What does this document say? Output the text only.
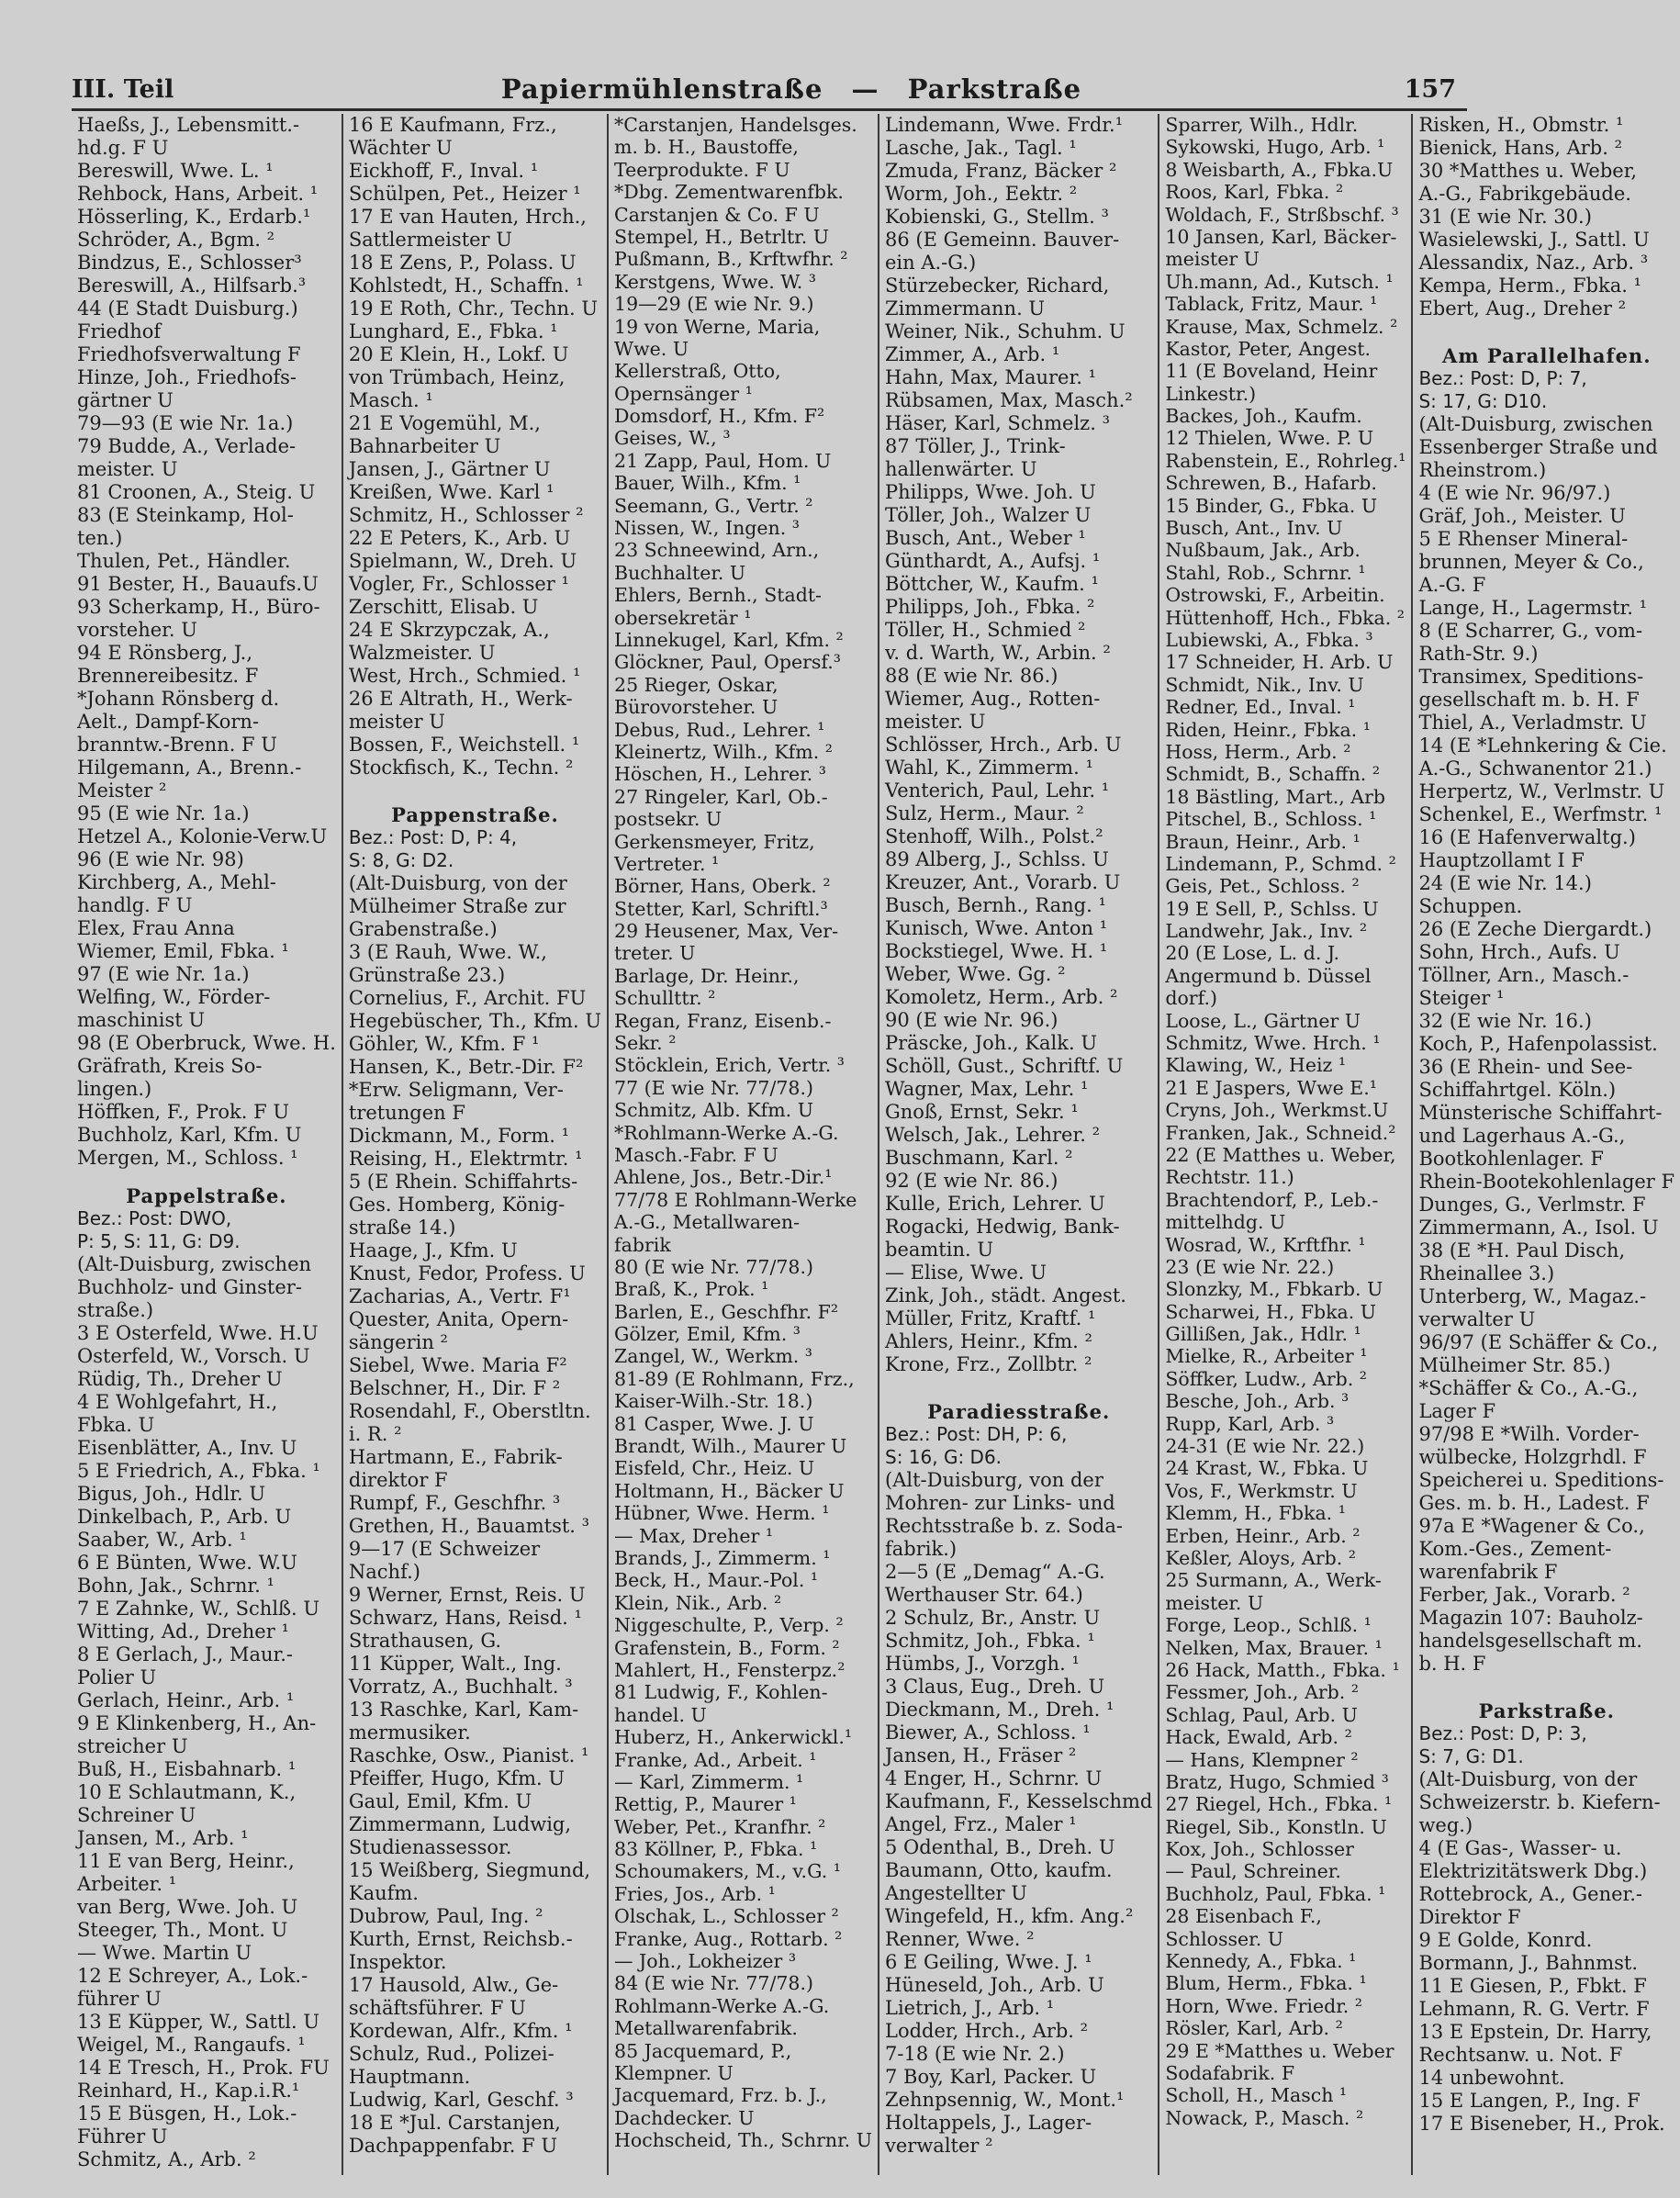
III. Teil	Papiermühlenstraße — Parkstraße	157
Haeßs, J., Lebensmitt.-
hd.g. F U
Bereswill, Wwe. L. ¹
Rehbock, Hans, Arbeit. ¹
Hösserling, K., Erdarb.¹
Schröder, A., Bgm. ²
Bindzus, E., Schlosser³
Bereswill, A., Hilfsarb.³
44 (E Stadt Duisburg.)
Friedhof
Friedhofsverwaltung F
Hinze, Joh., Friedhofs-
gärtner U
79—93 (E wie Nr. 1a.)
79 Budde, A., Verlade-
meister. U
81 Croonen, A., Steig. U
83 (E Steinkamp, Hol-
ten.)
Thulen, Pet., Händler.
91 Bester, H., Bauaufs.U
93 Scherkamp, H., Büro-
vorsteher. U
94 E Rönsberg, J.,
Brennereibesitz. F
*Johann Rönsberg d.
Aelt., Dampf-Korn-
branntw.-Brenn. F U
Hilgemann, A., Brenn.-
Meister ²
95 (E wie Nr. 1a.)
Hetzel A., Kolonie-Verw.U
96 (E wie Nr. 98)
Kirchberg, A., Mehl-
handlg. F U
Elex, Frau Anna
Wiemer, Emil, Fbka. ¹
97 (E wie Nr. 1a.)
Welfing, W., Förder-
maschinist U
98 (E Oberbruck, Wwe. H.
Gräfrath, Kreis So-
lingen.)
Höffken, F., Prok. F U
Buchholz, Karl, Kfm. U
Mergen, M., Schloss. ¹
Pappelstraße.
Bez.: Post: DWO,
P: 5, S: 11, G: D9.
(Alt-Duisburg, zwischen
Buchholz- und Ginster-
straße.)
3 E Osterfeld, Wwe. H.U
Osterfeld, W., Vorsch. U
Rüdig, Th., Dreher U
4 E Wohlgefahrt, H.,
Fbka. U
Eisenblätter, A., Inv. U
5 E Friedrich, A., Fbka. ¹
Bigus, Joh., Hdlr. U
Dinkelbach, P., Arb. U
Saaber, W., Arb. ¹
6 E Bünten, Wwe. W.U
Bohn, Jak., Schrnr. ¹
7 E Zahnke, W., Schlß. U
Witting, Ad., Dreher ¹
8 E Gerlach, J., Maur.-
Polier U
Gerlach, Heinr., Arb. ¹
9 E Klinkenberg, H., An-
streicher U
Buß, H., Eisbahnarb. ¹
10 E Schlautmann, K.,
Schreiner U
Jansen, M., Arb. ¹
11 E van Berg, Heinr.,
Arbeiter. ¹
van Berg, Wwe. Joh. U
Steeger, Th., Mont. U
— Wwe. Martin U
12 E Schreyer, A., Lok.-
führer U
13 E Küpper, W., Sattl. U
Weigel, M., Rangaufs. ¹
14 E Tresch, H., Prok. FU
Reinhard, H., Kap.i.R.¹
15 E Büsgen, H., Lok.-
Führer U
Schmitz, A., Arb. ²
16 E Kaufmann, Frz.,
Wächter U
Eickhoff, F., Inval. ¹
Schülpen, Pet., Heizer ¹
17 E van Hauten, Hrch.,
Sattlermeister U
18 E Zens, P., Polass. U
Kohlstedt, H., Schaffn. ¹
19 E Roth, Chr., Techn. U
Lunghard, E., Fbka. ¹
20 E Klein, H., Lokf. U
von Trümbach, Heinz,
Masch. ¹
21 E Vogemühl, M.,
Bahnarbeiter U
Jansen, J., Gärtner U
Kreißen, Wwe. Karl ¹
Schmitz, H., Schlosser ²
22 E Peters, K., Arb. U
Spielmann, W., Dreh. U
Vogler, Fr., Schlosser ¹
Zerschitt, Elisab. U
24 E Skrzypczak, A.,
Walzmeister. U
West, Hrch., Schmied. ¹
26 E Altrath, H., Werk-
meister U
Bossen, F., Weichstell. ¹
Stockfisch, K., Techn. ²
Pappenstraße.
Bez.: Post: D, P: 4,
S: 8, G: D2.
(Alt-Duisburg, von der
Mülheimer Straße zur
Grabenstraße.)
3 (E Rauh, Wwe. W.,
Grünstraße 23.)
Cornelius, F., Archit. FU
Hegebüscher, Th., Kfm. U
Göhler, W., Kfm. F ¹
Hansen, K., Betr.-Dir. F²
*Erw. Seligmann, Ver-
tretungen F
Dickmann, M., Form. ¹
Reising, H., Elektrmtr. ¹
5 (E Rhein. Schiffahrts-
Ges. Homberg, König-
straße 14.)
Haage, J., Kfm. U
Knust, Fedor, Profess. U
Zacharias, A., Vertr. F¹
Quester, Anita, Opern-
sängerin ²
Siebel, Wwe. Maria F²
Belschner, H., Dir. F ²
Rosendahl, F., Oberstltn.
i. R. ²
Hartmann, E., Fabrik-
direktor F
Rumpf, F., Geschfhr. ³
Grethen, H., Bauamtst. ³
9—17 (E Schweizer
Nachf.)
9 Werner, Ernst, Reis. U
Schwarz, Hans, Reisd. ¹
Strathausen, G.
11 Küpper, Walt., Ing.
Vorratz, A., Buchhalt. ³
13 Raschke, Karl, Kam-
mermusiker.
Raschke, Osw., Pianist. ¹
Pfeiffer, Hugo, Kfm. U
Gaul, Emil, Kfm. U
Zimmermann, Ludwig,
Studienassessor.
15 Weißberg, Siegmund,
Kaufm.
Dubrow, Paul, Ing. ²
Kurth, Ernst, Reichsb.-
Inspektor.
17 Hausold, Alw., Ge-
schäftsführer. F U
Kordewan, Alfr., Kfm. ¹
Schulz, Rud., Polizei-
Hauptmann.
Ludwig, Karl, Geschf. ³
18 E *Jul. Carstanjen,
Dachpappenfabr. F U
*Carstanjen, Handelsges.
m. b. H., Baustoffe,
Teerprodukte. F U
*Dbg. Zementwarenfbk.
Carstanjen & Co. F U
Stempel, H., Betrltr. U
Pußmann, B., Krftwfhr. ²
Kerstgens, Wwe. W. ³
19—29 (E wie Nr. 9.)
19 von Werne, Maria,
Wwe. U
Kellerstraß, Otto,
Opernsänger ¹
Domsdorf, H., Kfm. F²
Geises, W., ³
21 Zapp, Paul, Hom. U
Bauer, Wilh., Kfm. ¹
Seemann, G., Vertr. ²
Nissen, W., Ingen. ³
23 Schneewind, Arn.,
Buchhalter. U
Ehlers, Bernh., Stadt-
obersekretär ¹
Linnekugel, Karl, Kfm. ²
Glöckner, Paul, Opersf.³
25 Rieger, Oskar,
Bürovorsteher. U
Debus, Rud., Lehrer. ¹
Kleinertz, Wilh., Kfm. ²
Höschen, H., Lehrer. ³
27 Ringeler, Karl, Ob.-
postsekr. U
Gerkensmeyer, Fritz,
Vertreter. ¹
Börner, Hans, Oberk. ²
Stetter, Karl, Schriftl.³
29 Heusener, Max, Ver-
treter. U
Barlage, Dr. Heinr.,
Schullttr. ²
Regan, Franz, Eisenb.-
Sekr. ²
Stöcklein, Erich, Vertr. ³
77 (E wie Nr. 77/78.)
Schmitz, Alb. Kfm. U
*Rohlmann-Werke A.-G.
Masch.-Fabr. F U
Ahlene, Jos., Betr.-Dir.¹
77/78 E Rohlmann-Werke
A.-G., Metallwaren-
fabrik
80 (E wie Nr. 77/78.)
Braß, K., Prok. ¹
Barlen, E., Geschfhr. F²
Gölzer, Emil, Kfm. ³
Zangel, W., Werkm. ³
81-89 (E Rohlmann, Frz.,
Kaiser-Wilh.-Str. 18.)
81 Casper, Wwe. J. U
Brandt, Wilh., Maurer U
Eisfeld, Chr., Heiz. U
Holtmann, H., Bäcker U
Hübner, Wwe. Herm. ¹
— Max, Dreher ¹
Brands, J., Zimmerm. ¹
Beck, H., Maur.-Pol. ¹
Klein, Nik., Arb. ²
Niggeschulte, P., Verp. ²
Grafenstein, B., Form. ²
Mahlert, H., Fensterpz.²
81 Ludwig, F., Kohlen-
handel. U
Huberz, H., Ankerwickl.¹
Franke, Ad., Arbeit. ¹
— Karl, Zimmerm. ¹
Rettig, P., Maurer ¹
Weber, Pet., Kranfhr. ²
83 Köllner, P., Fbka. ¹
Schoumakers, M., v.G. ¹
Fries, Jos., Arb. ¹
Olschak, L., Schlosser ²
Franke, Aug., Rottarb. ²
— Joh., Lokheizer ³
84 (E wie Nr. 77/78.)
Rohlmann-Werke A.-G.
Metallwarenfabrik.
85 Jacquemard, P.,
Klempner. U
Jacquemard, Frz. b. J.,
Dachdecker. U
Hochscheid, Th., Schrnr. U
Lindemann, Wwe. Frdr.¹
Lasche, Jak., Tagl. ¹
Zmuda, Franz, Bäcker ²
Worm, Joh., Eektr. ²
Kobienski, G., Stellm. ³
86 (E Gemeinn. Bauver-
ein A.-G.)
Stürzebecker, Richard,
Zimmermann. U
Weiner, Nik., Schuhm. U
Zimmer, A., Arb. ¹
Hahn, Max, Maurer. ¹
Rübsamen, Max, Masch.²
Häser, Karl, Schmelz. ³
87 Töller, J., Trink-
hallenwärter. U
Philipps, Wwe. Joh. U
Töller, Joh., Walzer U
Busch, Ant., Weber ¹
Günthardt, A., Aufsj. ¹
Böttcher, W., Kaufm. ¹
Philipps, Joh., Fbka. ²
Töller, H., Schmied ²
v. d. Warth, W., Arbin. ²
88 (E wie Nr. 86.)
Wiemer, Aug., Rotten-
meister. U
Schlösser, Hrch., Arb. U
Wahl, K., Zimmerm. ¹
Venterich, Paul, Lehr. ¹
Sulz, Herm., Maur. ²
Stenhoff, Wilh., Polst.²
89 Alberg, J., Schlss. U
Kreuzer, Ant., Vorarb. U
Busch, Bernh., Rang. ¹
Kunisch, Wwe. Anton ¹
Bockstiegel, Wwe. H. ¹
Weber, Wwe. Gg. ²
Komoletz, Herm., Arb. ²
90 (E wie Nr. 96.)
Präscke, Joh., Kalk. U
Schöll, Gust., Schriftf. U
Wagner, Max, Lehr. ¹
Gnoß, Ernst, Sekr. ¹
Welsch, Jak., Lehrer. ²
Buschmann, Karl. ²
92 (E wie Nr. 86.)
Kulle, Erich, Lehrer. U
Rogacki, Hedwig, Bank-
beamtin. U
— Elise, Wwe. U
Zink, Joh., städt. Angest.
Müller, Fritz, Kraftf. ¹
Ahlers, Heinr., Kfm. ²
Krone, Frz., Zollbtr. ²
Paradiesstraße.
Bez.: Post: DH, P: 6,
S: 16, G: D6.
(Alt-Duisburg, von der
Mohren- zur Links- und
Rechtsstraße b. z. Soda-
fabrik.)
2—5 (E „Demag“ A.-G.
Werthauser Str. 64.)
2 Schulz, Br., Anstr. U
Schmitz, Joh., Fbka. ¹
Hümbs, J., Vorzgh. ¹
3 Claus, Eug., Dreh. U
Dieckmann, M., Dreh. ¹
Biewer, A., Schloss. ¹
Jansen, H., Fräser ²
4 Enger, H., Schrnr. U
Kaufmann, F., Kesselschmd
Angel, Frz., Maler ¹
5 Odenthal, B., Dreh. U
Baumann, Otto, kaufm.
Angestellter U
Wingefeld, H., kfm. Ang.²
Renner, Wwe. ²
6 E Geiling, Wwe. J. ¹
Hüneseld, Joh., Arb. U
Lietrich, J., Arb. ¹
Lodder, Hrch., Arb. ²
7-18 (E wie Nr. 2.)
7 Boy, Karl, Packer. U
Zehnpsennig, W., Mont.¹
Holtappels, J., Lager-
verwalter ²
Sparrer, Wilh., Hdlr.
Sykowski, Hugo, Arb. ¹
8 Weisbarth, A., Fbka.U
Roos, Karl, Fbka. ²
Woldach, F., Strßbschf. ³
10 Jansen, Karl, Bäcker-
meister U
Uh.mann, Ad., Kutsch. ¹
Tablack, Fritz, Maur. ¹
Krause, Max, Schmelz. ²
Kastor, Peter, Angest.
11 (E Boveland, Heinr
Linkestr.)
Backes, Joh., Kaufm.
12 Thielen, Wwe. P. U
Rabenstein, E., Rohrleg.¹
Schrewen, B., Hafarb.
15 Binder, G., Fbka. U
Busch, Ant., Inv. U
Nußbaum, Jak., Arb.
Stahl, Rob., Schrnr. ¹
Ostrowski, F., Arbeitin.
Hüttenhoff, Hch., Fbka. ²
Lubiewski, A., Fbka. ³
17 Schneider, H. Arb. U
Schmidt, Nik., Inv. U
Redner, Ed., Inval. ¹
Riden, Heinr., Fbka. ¹
Hoss, Herm., Arb. ²
Schmidt, B., Schaffn. ²
18 Bästling, Mart., Arb
Pitschel, B., Schloss. ¹
Braun, Heinr., Arb. ¹
Lindemann, P., Schmd. ²
Geis, Pet., Schloss. ²
19 E Sell, P., Schlss. U
Landwehr, Jak., Inv. ²
20 (E Lose, L. d. J.
Angermund b. Düssel
dorf.)
Loose, L., Gärtner U
Schmitz, Wwe. Hrch. ¹
Klawing, W., Heiz ¹
21 E Jaspers, Wwe E.¹
Cryns, Joh., Werkmst.U
Franken, Jak., Schneid.²
22 (E Matthes u. Weber,
Rechtstr. 11.)
Brachtendorf, P., Leb.-
mittelhdg. U
Wosrad, W., Krftfhr. ¹
23 (E wie Nr. 22.)
Slonzky, M., Fbkarb. U
Scharwei, H., Fbka. U
Gillißen, Jak., Hdlr. ¹
Mielke, R., Arbeiter ¹
Söffker, Ludw., Arb. ²
Besche, Joh., Arb. ³
Rupp, Karl, Arb. ³
24-31 (E wie Nr. 22.)
24 Krast, W., Fbka. U
Vos, F., Werkmstr. U
Klemm, H., Fbka. ¹
Erben, Heinr., Arb. ²
Keßler, Aloys, Arb. ²
25 Surmann, A., Werk-
meister. U
Forge, Leop., Schlß. ¹
Nelken, Max, Brauer. ¹
26 Hack, Matth., Fbka. ¹
Fessmer, Joh., Arb. ²
Schlag, Paul, Arb. U
Hack, Ewald, Arb. ²
— Hans, Klempner ²
Bratz, Hugo, Schmied ³
27 Riegel, Hch., Fbka. ¹
Riegel, Sib., Konstln. U
Kox, Joh., Schlosser
— Paul, Schreiner.
Buchholz, Paul, Fbka. ¹
28 Eisenbach F.,
Schlosser. U
Kennedy, A., Fbka. ¹
Blum, Herm., Fbka. ¹
Horn, Wwe. Friedr. ²
Rösler, Karl, Arb. ²
29 E *Matthes u. Weber
Sodafabrik. F
Scholl, H., Masch ¹
Nowack, P., Masch. ²
Risken, H., Obmstr. ¹
Bienick, Hans, Arb. ²
30 *Matthes u. Weber,
A.-G., Fabrikgebäude.
31 (E wie Nr. 30.)
Wasielewski, J., Sattl. U
Alessandix, Naz., Arb. ³
Kempa, Herm., Fbka. ¹
Ebert, Aug., Dreher ²
Am Parallelhafen.
Bez.: Post: D, P: 7,
S: 17, G: D10.
(Alt-Duisburg, zwischen
Essenberger Straße und
Rheinstrom.)
4 (E wie Nr. 96/97.)
Gräf, Joh., Meister. U
5 E Rhenser Mineral-
brunnen, Meyer & Co.,
A.-G. F
Lange, H., Lagermstr. ¹
8 (E Scharrer, G., vom-
Rath-Str. 9.)
Transimex, Speditions-
gesellschaft m. b. H. F
Thiel, A., Verladmstr. U
14 (E *Lehnkering & Cie.
A.-G., Schwanentor 21.)
Herpertz, W., Verlmstr. U
Schenkel, E., Werfmstr. ¹
16 (E Hafenverwaltg.)
Hauptzollamt I F
24 (E wie Nr. 14.)
Schuppen.
26 (E Zeche Diergardt.)
Sohn, Hrch., Aufs. U
Töllner, Arn., Masch.-
Steiger ¹
32 (E wie Nr. 16.)
Koch, P., Hafenpolassist.
36 (E Rhein- und See-
Schiffahrtgel. Köln.)
Münsterische Schiffahrt-
und Lagerhaus A.-G.,
Bootkohlenlager. F
Rhein-Bootekohlenlager F
Dunges, G., Verlmstr. F
Zimmermann, A., Isol. U
38 (E *H. Paul Disch,
Rheinallee 3.)
Unterberg, W., Magaz.-
verwalter U
96/97 (E Schäffer & Co.,
Mülheimer Str. 85.)
*Schäffer & Co., A.-G.,
Lager F
97/98 E *Wilh. Vorder-
wülbecke, Holzgrhdl. F
Speicherei u. Speditions-
Ges. m. b. H., Ladest. F
97a E *Wagener & Co.,
Kom.-Ges., Zement-
warenfabrik F
Ferber, Jak., Vorarb. ²
Magazin 107: Bauholz-
handelsgesellschaft m.
b. H. F
Parkstraße.
Bez.: Post: D, P: 3,
S: 7, G: D1.
(Alt-Duisburg, von der
Schweizerstr. b. Kiefern-
weg.)
4 (E Gas-, Wasser- u.
Elektrizitätswerk Dbg.)
Rottebrock, A., Gener.-
Direktor F
9 E Golde, Konrd.
Bormann, J., Bahnmst.
11 E Giesen, P., Fbkt. F
Lehmann, R. G. Vertr. F
13 E Epstein, Dr. Harry,
Rechtsanw. u. Not. F
14 unbewohnt.
15 E Langen, P., Ing. F
17 E Biseneber, H., Prok.
